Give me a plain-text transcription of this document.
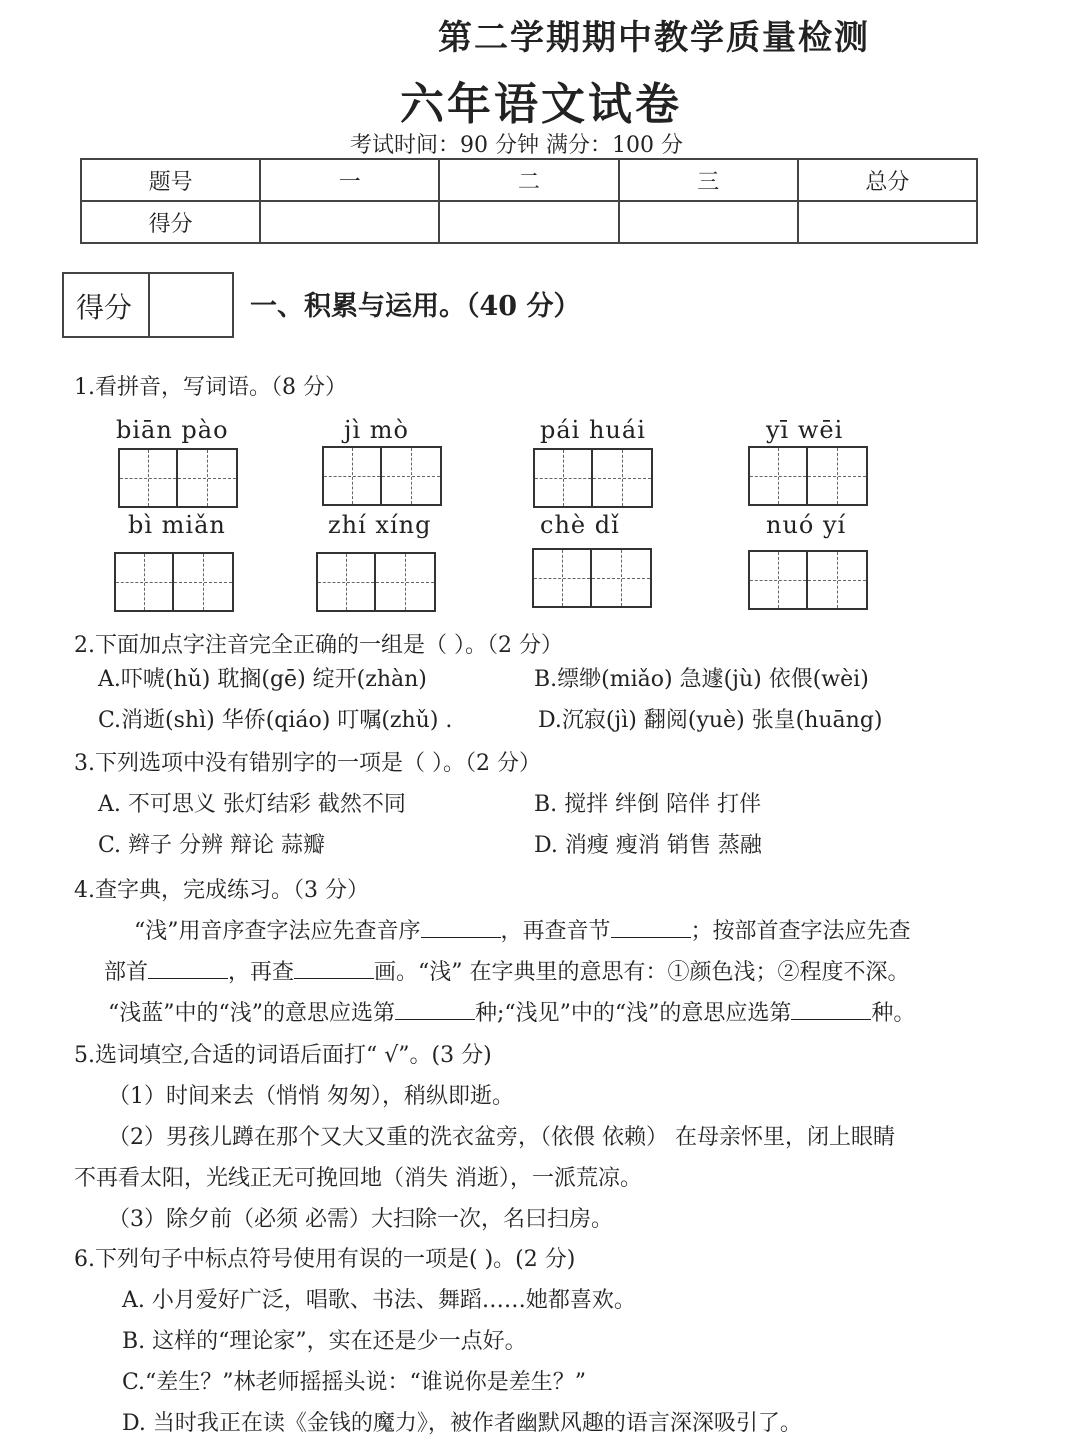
第二学期期中教学质量检测
六年语文试卷
考试时间：90 分钟 满分：100 分
题号	一	二	三	总分
得分				
得分	一、积累与运用。（40 分）
1.看拼音，写词语。（8 分）
biān pào	jì mò	pái huái	yī wēi
bì miǎn	zhí xíng	chè dǐ	nuó yí
2.下面加点字注音完全正确的一组是（ ）。（2 分）
A.吓唬(hǔ) 耽搁(gē) 绽开(zhàn)	B.缥缈(miǎo) 急遽(jù) 依偎(wèi)
C.消逝(shì) 华侨(qiáo) 叮嘱(zhǔ) .	D.沉寂(jì) 翻阅(yuè) 张皇(huāng)
3.下列选项中没有错别字的一项是（ ）。（2 分）
A. 不可思义 张灯结彩 截然不同	B. 搅拌 绊倒 陪伴 打伴
C. 辫子 分辨 辩论 蒜瓣	D. 消瘦 瘦消 销售 蒸融
4.查字典，完成练习。（3 分）
“浅”用音序查字法应先查音序	，再查音节	；按部首查字法应先查
部首	，再查	画。“浅” 在字典里的意思有：①颜色浅；②程度不深。
“浅蓝”中的“浅”的意思应选第	种;“浅见”中的“浅”的意思应选第	种。
5.选词填空,合适的词语后面打“ √”。(3 分)
（1）时间来去（悄悄 匆匆），稍纵即逝。
（2）男孩儿蹲在那个又大又重的洗衣盆旁，（依偎 依赖） 在母亲怀里，闭上眼睛
不再看太阳，光线正无可挽回地（消失 消逝），一派荒凉。
（3）除夕前（必须 必需）大扫除一次，名曰扫房。
6.下列句子中标点符号使用有误的一项是( )。(2 分)
A. 小月爱好广泛，唱歌、书法、舞蹈……她都喜欢。
B. 这样的“理论家”，实在还是少一点好。
C.“差生？”林老师摇摇头说：“谁说你是差生？”
D. 当时我正在读《金钱的魔力》，被作者幽默风趣的语言深深吸引了。
